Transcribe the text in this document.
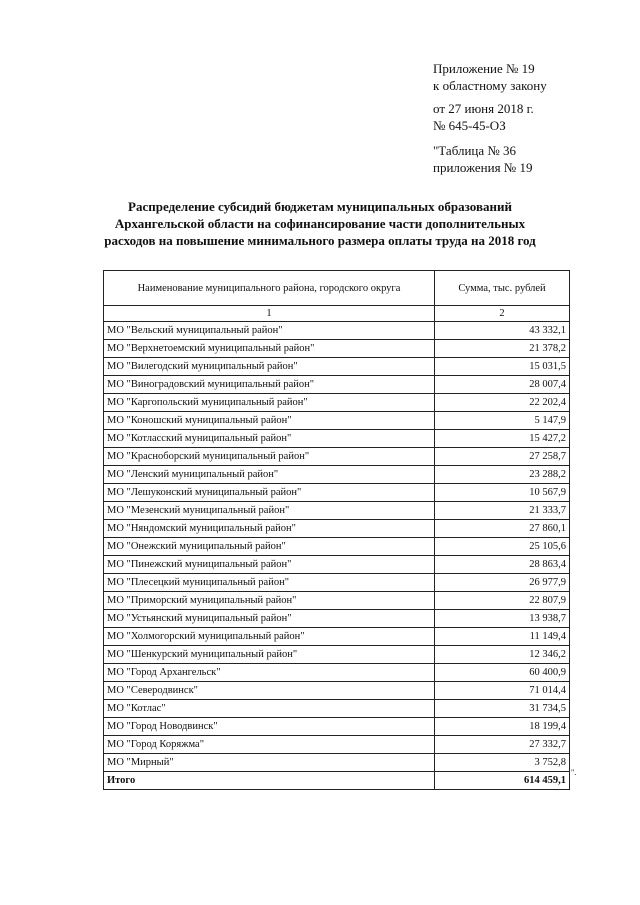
Приложение № 19
к областному закону
от 27 июня 2018 г.
№ 645-45-ОЗ
"Таблица № 36
приложения № 19
Распределение субсидий бюджетам муниципальных образований
Архангельской области на софинансирование части дополнительных
расходов на повышение минимального размера оплаты труда на 2018 год
Наименование муниципального района, городского округа	Сумма, тыс. рублей
1	2
МО "Вельский муниципальный район"	43 332,1
МО "Верхнетоемский муниципальный район"	21 378,2
МО "Вилегодский муниципальный район"	15 031,5
МО "Виноградовский муниципальный район"	28 007,4
МО "Каргопольский муниципальный район"	22 202,4
МО "Коношский муниципальный район"	5 147,9
МО "Котласский муниципальный район"	15 427,2
МО "Красноборский муниципальный район"	27 258,7
МО "Ленский муниципальный район"	23 288,2
МО "Лешуконский муниципальный район"	10 567,9
МО "Мезенский муниципальный район"	21 333,7
МО "Няндомский муниципальный район"	27 860,1
МО "Онежский муниципальный район"	25 105,6
МО "Пинежский муниципальный район"	28 863,4
МО "Плесецкий муниципальный район"	26 977,9
МО "Приморский муниципальный район"	22 807,9
МО "Устьянский муниципальный район"	13 938,7
МО "Холмогорский муниципальный район"	11 149,4
МО "Шенкурский муниципальный район"	12 346,2
МО "Город Архангельск"	60 400,9
МО "Северодвинск"	71 014,4
МО "Котлас"	31 734,5
МО "Город Новодвинск"	18 199,4
МО "Город Коряжма"	27 332,7
МО "Мирный"	3 752,8
Итого	614 459,1
".
